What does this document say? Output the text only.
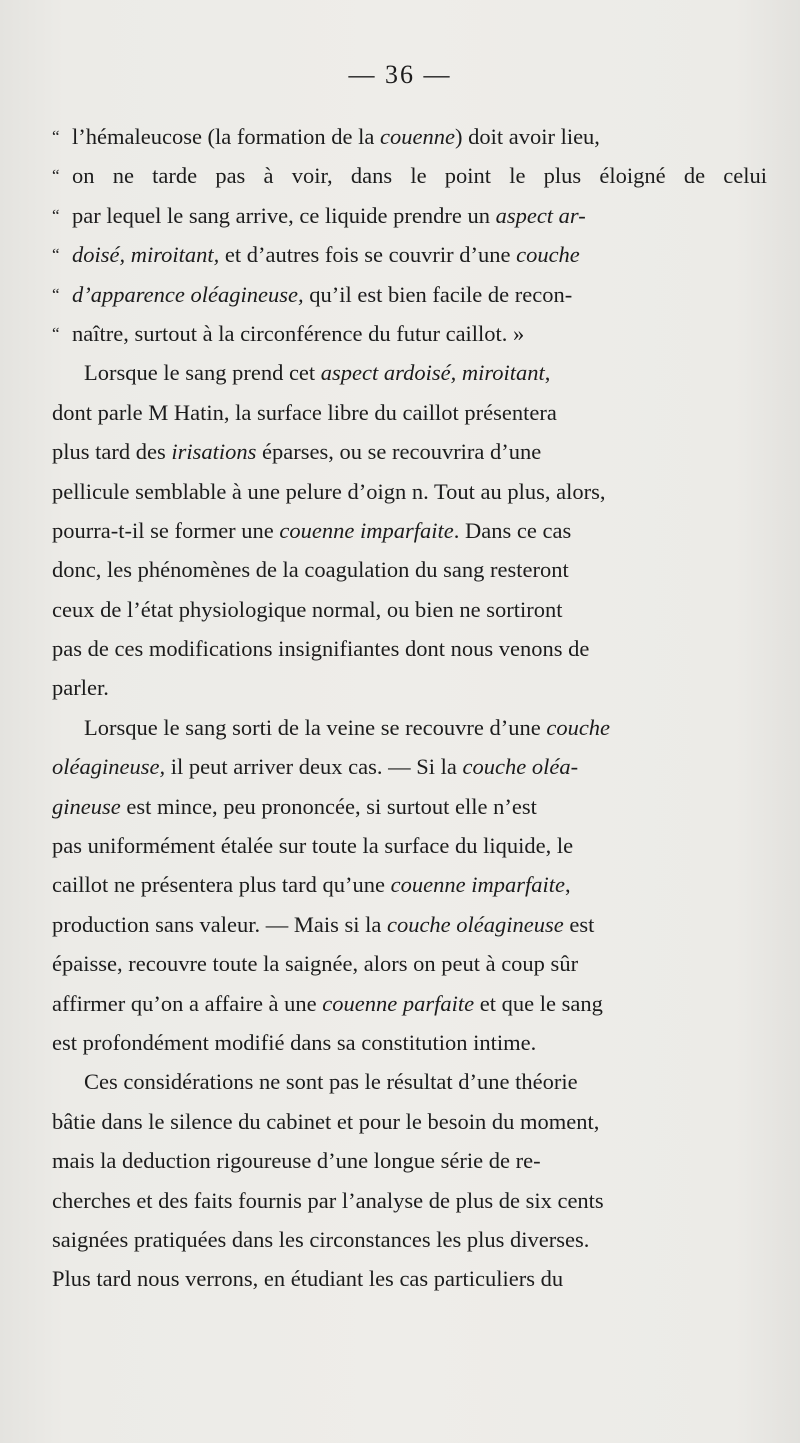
— 36 —
“ l’hémaleucose (la formation de la couenne) doit avoir lieu,
“ on ne tarde pas à voir, dans le point le plus éloigné de celui
“ par lequel le sang arrive, ce liquide prendre un aspect ar-
“ doisé, miroitant, et d’autres fois se couvrir d’une couche
“ d’apparence oléagineuse, qu’il est bien facile de recon-
“ naître, surtout à la circonférence du futur caillot. »
Lorsque le sang prend cet aspect ardoisé, miroitant,
dont parle M Hatin, la surface libre du caillot présentera
plus tard des irisations éparses, ou se recouvrira d’une
pellicule semblable à une pelure d’oign n. Tout au plus, alors,
pourra-t-il se former une couenne imparfaite. Dans ce cas
donc, les phénomènes de la coagulation du sang resteront
ceux de l’état physiologique normal, ou bien ne sortiront
pas de ces modifications insignifiantes dont nous venons de
parler.
Lorsque le sang sorti de la veine se recouvre d’une couche
oléagineuse, il peut arriver deux cas. — Si la couche oléa-
gineuse est mince, peu prononcée, si surtout elle n’est
pas uniformément étalée sur toute la surface du liquide, le
caillot ne présentera plus tard qu’une couenne imparfaite,
production sans valeur. — Mais si la couche oléagineuse est
épaisse, recouvre toute la saignée, alors on peut à coup sûr
affirmer qu’on a affaire à une couenne parfaite et que le sang
est profondément modifié dans sa constitution intime.
Ces considérations ne sont pas le résultat d’une théorie
bâtie dans le silence du cabinet et pour le besoin du moment,
mais la deduction rigoureuse d’une longue série de re-
cherches et des faits fournis par l’analyse de plus de six cents
saignées pratiquées dans les circonstances les plus diverses.
Plus tard nous verrons, en étudiant les cas particuliers du
